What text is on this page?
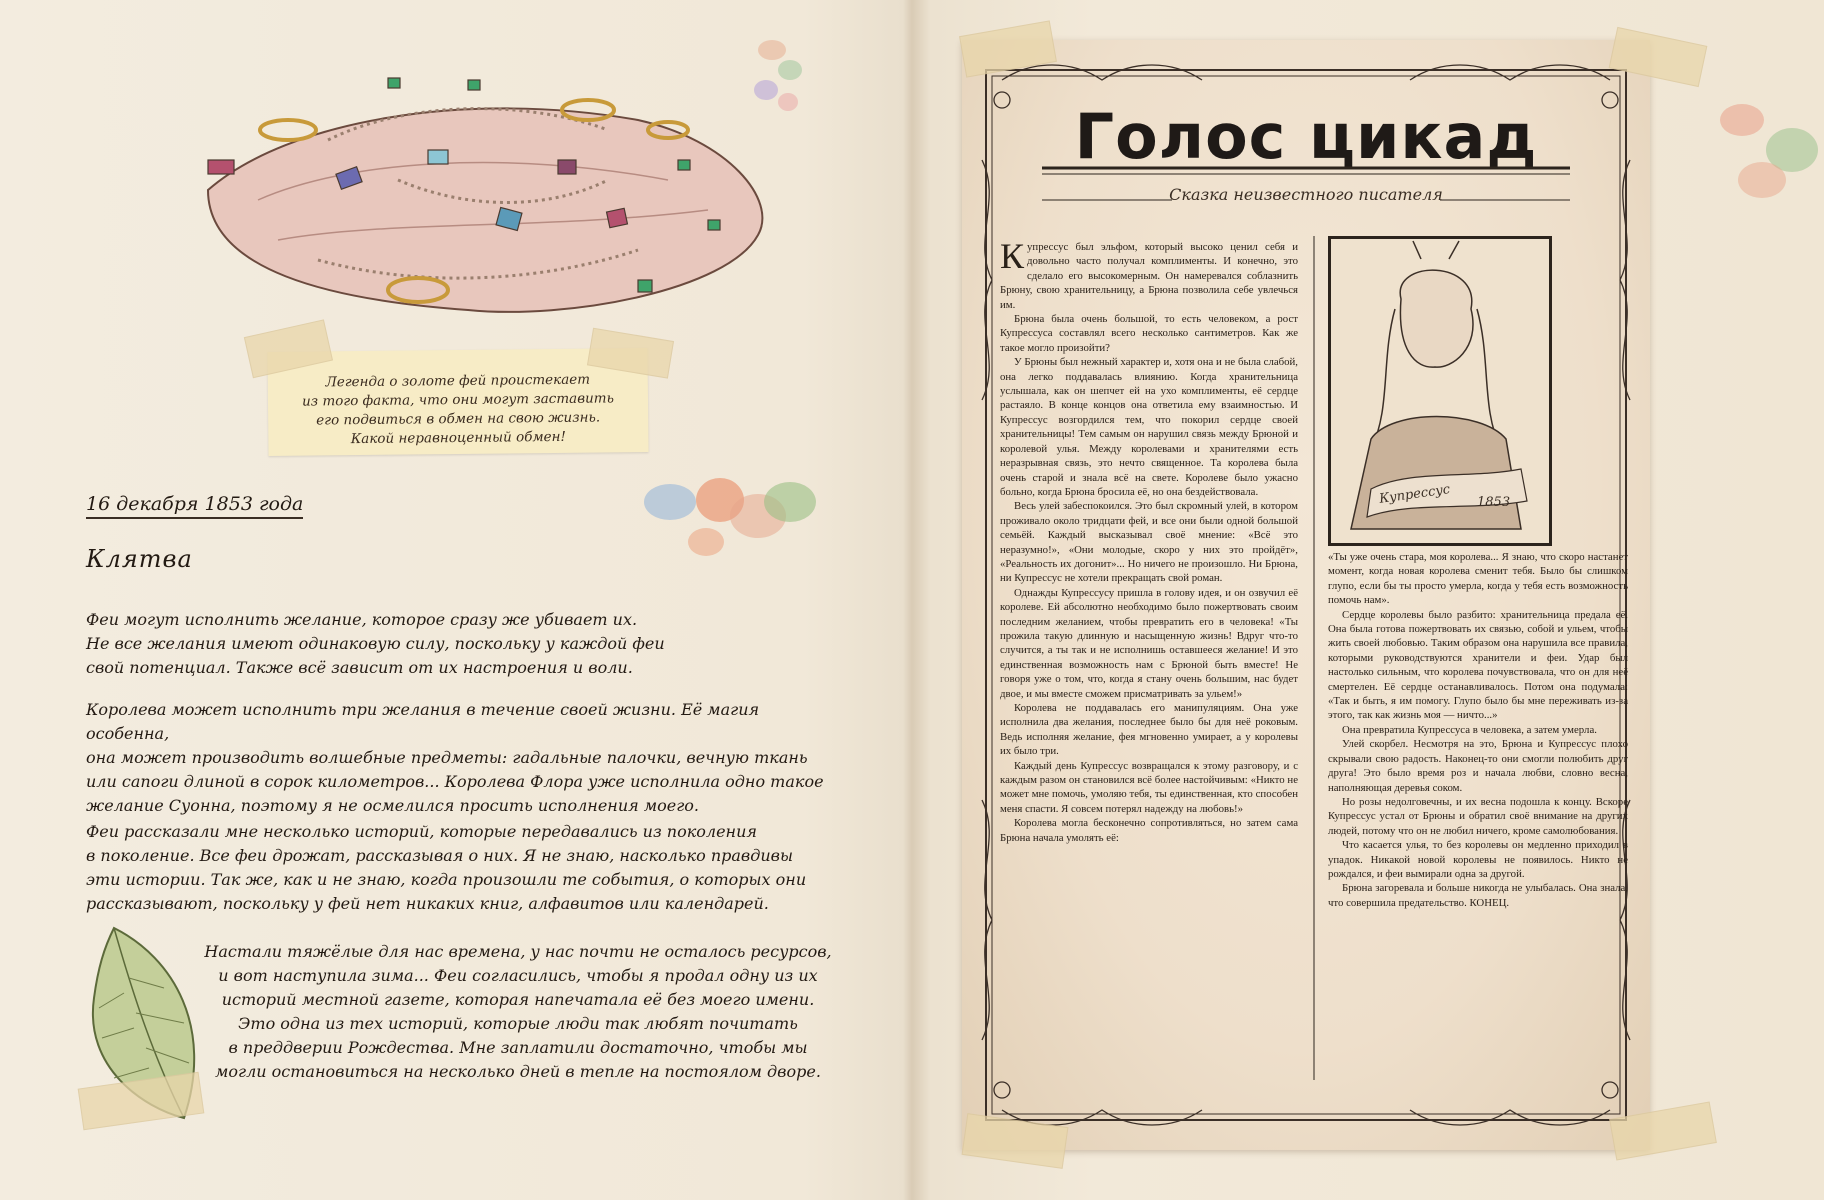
Легенда о золоте фей проистекает
из того факта, что они могут заставить
его подвиться в обмен на свою жизнь.
Какой неравноценный обмен!
16 декабря 1853 года
Клятва
Феи могут исполнить желание, которое сразу же убивает их.
Не все желания имеют одинаковую силу, поскольку у каждой феи
свой потенциал. Также всё зависит от их настроения и воли.
Королева может исполнить три желания в течение своей жизни. Её магия особенна,
она может производить волшебные предметы: гадальные палочки, вечную ткань
или сапоги длиной в сорок километров... Королева Флора уже исполнила одно такое
желание Суонна, поэтому я не осмелился просить исполнения моего.
Феи рассказали мне несколько историй, которые передавались из поколения
в поколение. Все феи дрожат, рассказывая о них. Я не знаю, насколько правдивы
эти истории. Так же, как и не знаю, когда произошли те события, о которых они
рассказывают, поскольку у фей нет никаких книг, алфавитов или календарей.
Настали тяжёлые для нас времена, у нас почти не осталось ресурсов,
и вот наступила зима... Феи согласились, чтобы я продал одну из их
историй местной газете, которая напечатала её без моего имени.
Это одна из тех историй, которые люди так любят почитать
в преддверии Рождества. Мне заплатили достаточно, чтобы мы
могли остановиться на несколько дней в тепле на постоялом дворе.
Голос цикад
Сказка неизвестного писателя
Купрессус 1853

Купрессус был эльфом, который высоко ценил себя и довольно часто получал комплименты. И конечно, это сделало его высокомерным. Он намеревался соблазнить Брюну, свою хранительницу, а Брюна позволила себе увлечься им.

Брюна была очень большой, то есть человеком, а рост Купрессуса составлял всего несколько сантиметров. Как же такое могло произойти?

У Брюны был нежный характер и, хотя она и не была слабой, она легко поддавалась влиянию. Когда хранительница услышала, как он шепчет ей на ухо комплименты, её сердце растаяло. В конце концов она ответила ему взаимностью. И Купрессус возгордился тем, что покорил сердце своей хранительницы! Тем самым он нарушил связь между Брюной и королевой улья. Между королевами и хранителями есть неразрывная связь, это нечто священное. Та королева была очень старой и знала всё на свете. Королеве было ужасно больно, когда Брюна бросила её, но она бездействовала.

Весь улей забеспокоился. Это был скромный улей, в котором проживало около тридцати фей, и все они были одной большой семьёй. Каждый высказывал своё мнение: «Всё это неразумно!», «Они молодые, скоро у них это пройдёт», «Реальность их догонит»... Но ничего не произошло. Ни Брюна, ни Купрессус не хотели прекращать свой роман.

Однажды Купрессусу пришла в голову идея, и он озвучил её королеве. Ей абсолютно необходимо было пожертвовать своим последним желанием, чтобы превратить его в человека! «Ты прожила такую длинную и насыщенную жизнь! Вдруг что-то случится, а ты так и не исполнишь оставшееся желание! И это единственная возможность нам с Брюной быть вместе! Не говоря уже о том, что, когда я стану очень большим, нас будет двое, и мы вместе сможем присматривать за ульем!»

Королева не поддавалась его манипуляциям. Она уже исполнила два желания, последнее было бы для неё роковым. Ведь исполняя желание, фея мгновенно умирает, а у королевы их было три.

Каждый день Купрессус возвращался к этому разговору, и с каждым разом он становился всё более настойчивым: «Никто не может мне помочь, умоляю тебя, ты единственная, кто способен меня спасти. Я совсем потерял надежду на любовь!»

Королева могла бесконечно сопротивляться, но затем сама Брюна начала умолять её:

«Ты уже очень стара, моя королева... Я знаю, что скоро настанет момент, когда новая королева сменит тебя. Было бы слишком глупо, если бы ты просто умерла, когда у тебя есть возможность помочь нам».

Сердце королевы было разбито: хранительница предала её. Она была готова пожертвовать их связью, собой и ульем, чтобы жить своей любовью. Таким образом она нарушила все правила, которыми руководствуются хранители и феи. Удар был настолько сильным, что королева почувствовала, что он для неё смертелен. Её сердце останавливалось. Потом она подумала: «Так и быть, я им помогу. Глупо было бы мне переживать из-за этого, так как жизнь моя — ничто...»

Она превратила Купрессуса в человека, а затем умерла.

Улей скорбел. Несмотря на это, Брюна и Купрессус плохо скрывали свою радость. Наконец-то они смогли полюбить друг друга! Это было время роз и начала любви, словно весна, наполняющая деревья соком.

Но розы недолговечны, и их весна подошла к концу. Вскоре Купрессус устал от Брюны и обратил своё внимание на других людей, потому что он не любил ничего, кроме самолюбования.

Что касается улья, то без королевы он медленно приходил в упадок. Никакой новой королевы не появилось. Никто не рождался, и феи вымирали одна за другой.

Брюна загоревала и больше никогда не улыбалась. Она знала, что совершила предательство. КОНЕЦ.
